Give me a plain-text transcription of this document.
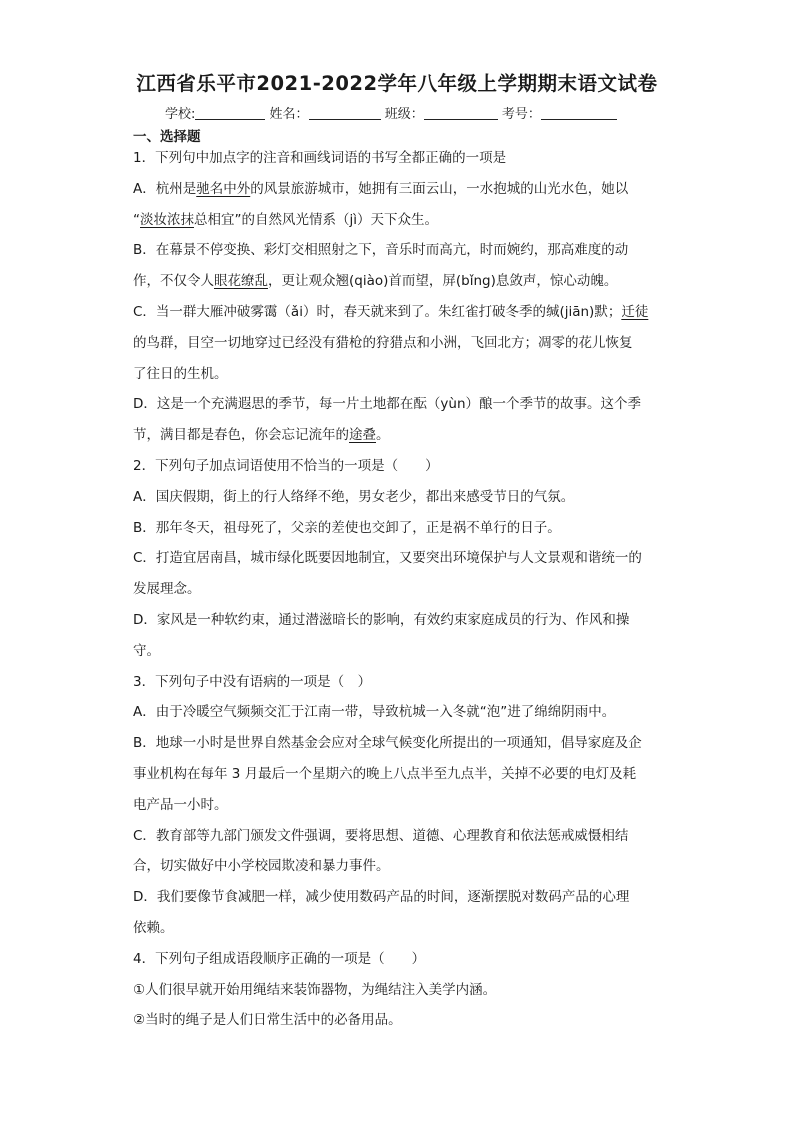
江西省乐平市2021-2022学年八年级上学期期末语文试卷
学校:	姓名：	班级：	考号：
一、选择题

1．下列句中加点字的注音和画线词语的书写全都正确的一项是

A．杭州是驰名中外的风景旅游城市，她拥有三面云山，一水抱城的山光水色，她以

“淡妆浓抹总相宜”的自然风光情系（jì）天下众生。

B．在幕景不停变换、彩灯交相照射之下，音乐时而高亢，时而婉约，那高难度的动

作，不仅令人眼花缭乱，更让观众翘(qiào)首而望，屏(bǐng)息敛声，惊心动魄。

C．当一群大雁冲破雾霭（ǎi）时，春天就来到了。朱红雀打破冬季的缄(jiān)默；迁徒

的鸟群，目空一切地穿过已经没有猎枪的狩猎点和小洲，飞回北方；凋零的花儿恢复

了往日的生机。

D．这是一个充满遐思的季节，每一片土地都在酝（yùn）酿一个季节的故事。这个季

节，满目都是春色，你会忘记流年的途叠。

2．下列句子加点词语使用不恰当的一项是（　　）

A．国庆假期，街上的行人络绎不绝，男女老少，都出来感受节日的气氛。

B．那年冬天，祖母死了，父亲的差使也交卸了，正是祸不单行的日子。

C．打造宜居南昌，城市绿化既要因地制宜，又要突出环境保护与人文景观和谐统一的

发展理念。

D．家风是一种软约束，通过潜滋暗长的影响，有效约束家庭成员的行为、作风和操

守。

3．下列句子中没有语病的一项是（　）

A．由于冷暖空气频频交汇于江南一带，导致杭城一入冬就“泡”进了绵绵阴雨中。

B．地球一小时是世界自然基金会应对全球气候变化所提出的一项通知，倡导家庭及企

事业机构在每年 3 月最后一个星期六的晚上八点半至九点半，关掉不必要的电灯及耗

电产品一小时。

C．教育部等九部门颁发文件强调，要将思想、道德、心理教育和依法惩戒威慑相结

合，切实做好中小学校园欺凌和暴力事件。

D．我们要像节食减肥一样，减少使用数码产品的时间，逐渐摆脱对数码产品的心理

依赖。

4．下列句子组成语段顺序正确的一项是（　　）

①人们很早就开始用绳结来装饰器物，为绳结注入美学内涵。

②当时的绳子是人们日常生活中的必备用品。
